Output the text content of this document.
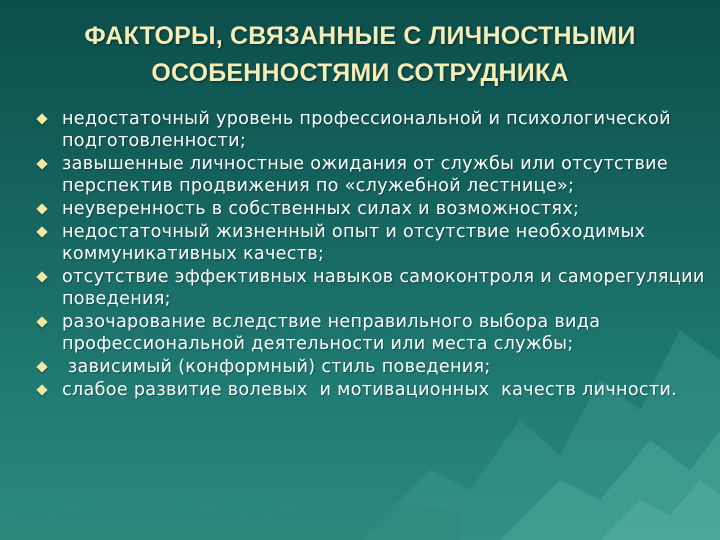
ФАКТОРЫ, СВЯЗАННЫЕ С ЛИЧНОСТНЫМИ
ОСОБЕННОСТЯМИ СОТРУДНИКА
недостаточный уровень профессиональной и психологической подготовленности;
завышенные личностные ожидания от службы или отсутствие перспектив продвижения по «служебной лестнице»;
неуверенность в собственных силах и возможностях;
недостаточный жизненный опыт и отсутствие необходимых коммуникативных качеств;
отсутствие эффективных навыков самоконтроля и саморегуляции поведения;
разочарование вследствие неправильного выбора вида профессиональной деятельности или места службы;
зависимый (конформный) стиль поведения;
слабое развитие волевых  и мотивационных  качеств личности.
